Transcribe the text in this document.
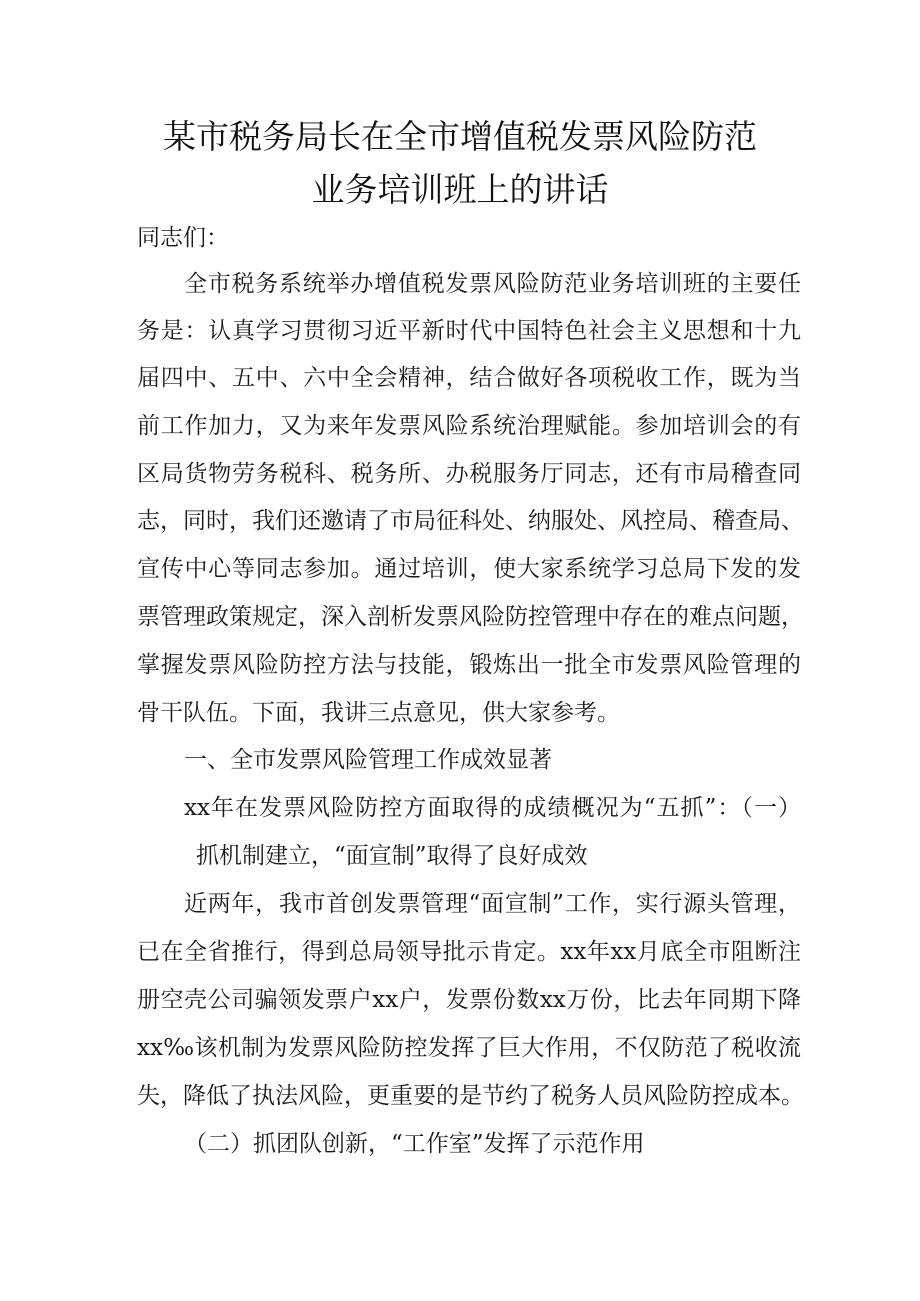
某市税务局长在全市增值税发票风险防范
业务培训班上的讲话

同志们：

全市税务系统举办增值税发票风险防范业务培训班的主要任

务是：认真学习贯彻习近平新时代中国特色社会主义思想和十九

届四中、五中、六中全会精神，结合做好各项税收工作，既为当

前工作加力，又为来年发票风险系统治理赋能。参加培训会的有

区局货物劳务税科、税务所、办税服务厅同志，还有市局稽查同

志，同时，我们还邀请了市局征科处、纳服处、风控局、稽查局、

宣传中心等同志参加。通过培训，使大家系统学习总局下发的发

票管理政策规定，深入剖析发票风险防控管理中存在的难点问题，

掌握发票风险防控方法与技能，锻炼出一批全市发票风险管理的

骨干队伍。下面，我讲三点意见，供大家参考。

一、全市发票风险管理工作成效显著

xx年在发票风险防控方面取得的成绩概况为“五抓”：（一）

抓机制建立，“面宣制”取得了良好成效

近两年，我市首创发票管理“面宣制”工作，实行源头管理，

已在全省推行，得到总局领导批示肯定。xx年xx月底全市阻断注

册空壳公司骗领发票户xx户，发票份数xx万份，比去年同期下降

xx‰该机制为发票风险防控发挥了巨大作用，不仅防范了税收流

失，降低了执法风险，更重要的是节约了税务人员风险防控成本。

（二）抓团队创新，“工作室”发挥了示范作用
